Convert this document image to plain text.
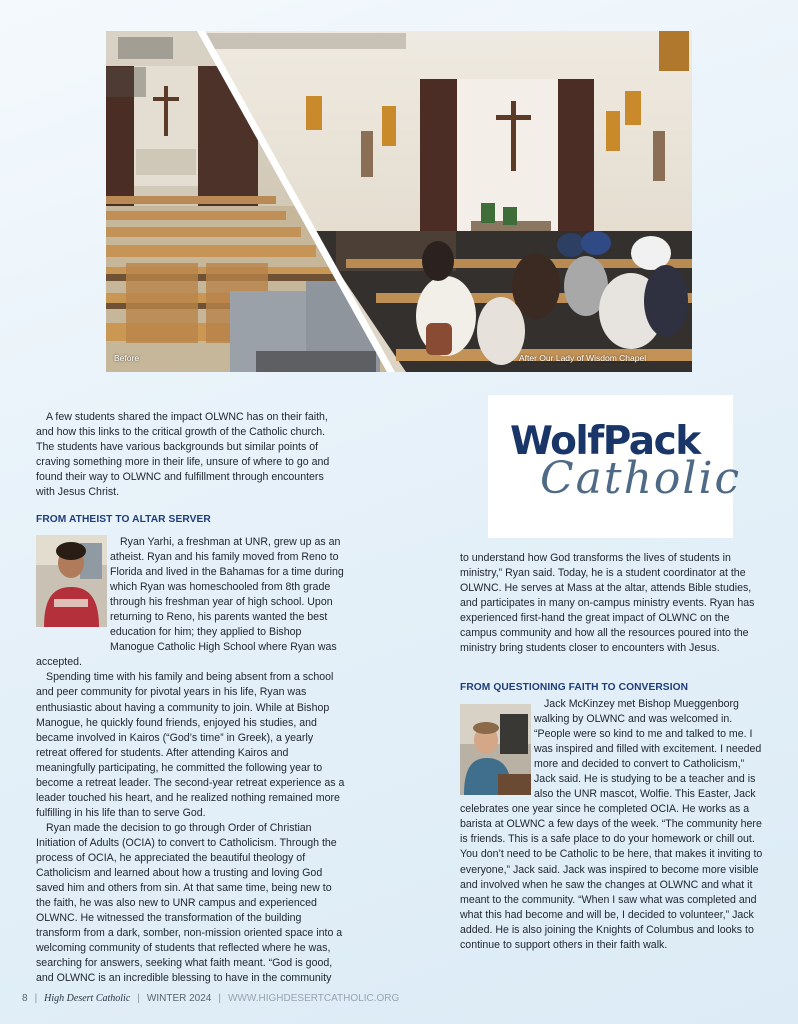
Before	After Our Lady of Wisdom Chapel

A few students shared the impact OLWNC has on their faith, and how this links to the critical growth of the Catholic church. The students have various backgrounds but similar points of craving something more in their life, unsure of where to go and found their way to OLWNC and fulfillment through encounters with Jesus Christ.

FROM ATHEIST TO ALTAR SERVER

Ryan Yarhi, a freshman at UNR, grew up as an atheist. Ryan and his family moved from Reno to Florida and lived in the Bahamas for a time during which Ryan was homeschooled from 8th grade through his freshman year of high school. Upon returning to Reno, his parents wanted the best education for him; they applied to Bishop Manogue Catholic High School where Ryan was accepted.

Spending time with his family and being absent from a school and peer community for pivotal years in his life, Ryan was enthusiastic about having a community to join. While at Bishop Manogue, he quickly found friends, enjoyed his studies, and became involved in Kairos (“God’s time” in Greek), a yearly retreat offered for students. After attending Kairos and meaningfully participating, he committed the following year to become a retreat leader. The second-year retreat experience as a leader touched his heart, and he realized nothing remained more fulfilling in his life than to serve God.

Ryan made the decision to go through Order of Christian Initiation of Adults (OCIA) to convert to Catholicism. Through the process of OCIA, he appreciated the beautiful theology of Catholicism and learned about how a trusting and loving God saved him and others from sin. At that same time, being new to the faith, he was also new to UNR campus and experienced OLWNC. He witnessed the transformation of the building transform from a dark, somber, non-mission oriented space into a welcoming community of students that reflected where he was, searching for answers, seeking what faith meant. “God is good, and OLWNC is an incredible blessing to have in the community

WolfPack
Catholic

to understand how God transforms the lives of students in ministry,” Ryan said. Today, he is a student coordinator at the OLWNC. He serves at Mass at the altar, attends Bible studies, and participates in many on-campus ministry events. Ryan has experienced first-hand the great impact of OLWNC on the campus community and how all the resources poured into the ministry bring students closer to encounters with Jesus.

FROM QUESTIONING FAITH TO CONVERSION

Jack McKinzey met Bishop Mueggenborg walking by OLWNC and was welcomed in. “People were so kind to me and talked to me. I was inspired and filled with excitement. I needed more and decided to convert to Catholicism,” Jack said. He is studying to be a teacher and is also the UNR mascot, Wolfie. This Easter, Jack celebrates one year since he completed OCIA. He works as a barista at OLWNC a few days of the week. “The community here is friends. This is a safe place to do your homework or chill out. You don’t need to be Catholic to be here, that makes it inviting to everyone,” Jack said. Jack was inspired to become more visible and involved when he saw the changes at OLWNC and what it meant to the community. “When I saw what was completed and what this had become and will be, I decided to volunteer,” Jack added. He is also joining the Knights of Columbus and looks to continue to support others in their faith walk.

8 | High Desert Catholic | WINTER 2024 | WWW.HIGHDESERTCATHOLIC.ORG
